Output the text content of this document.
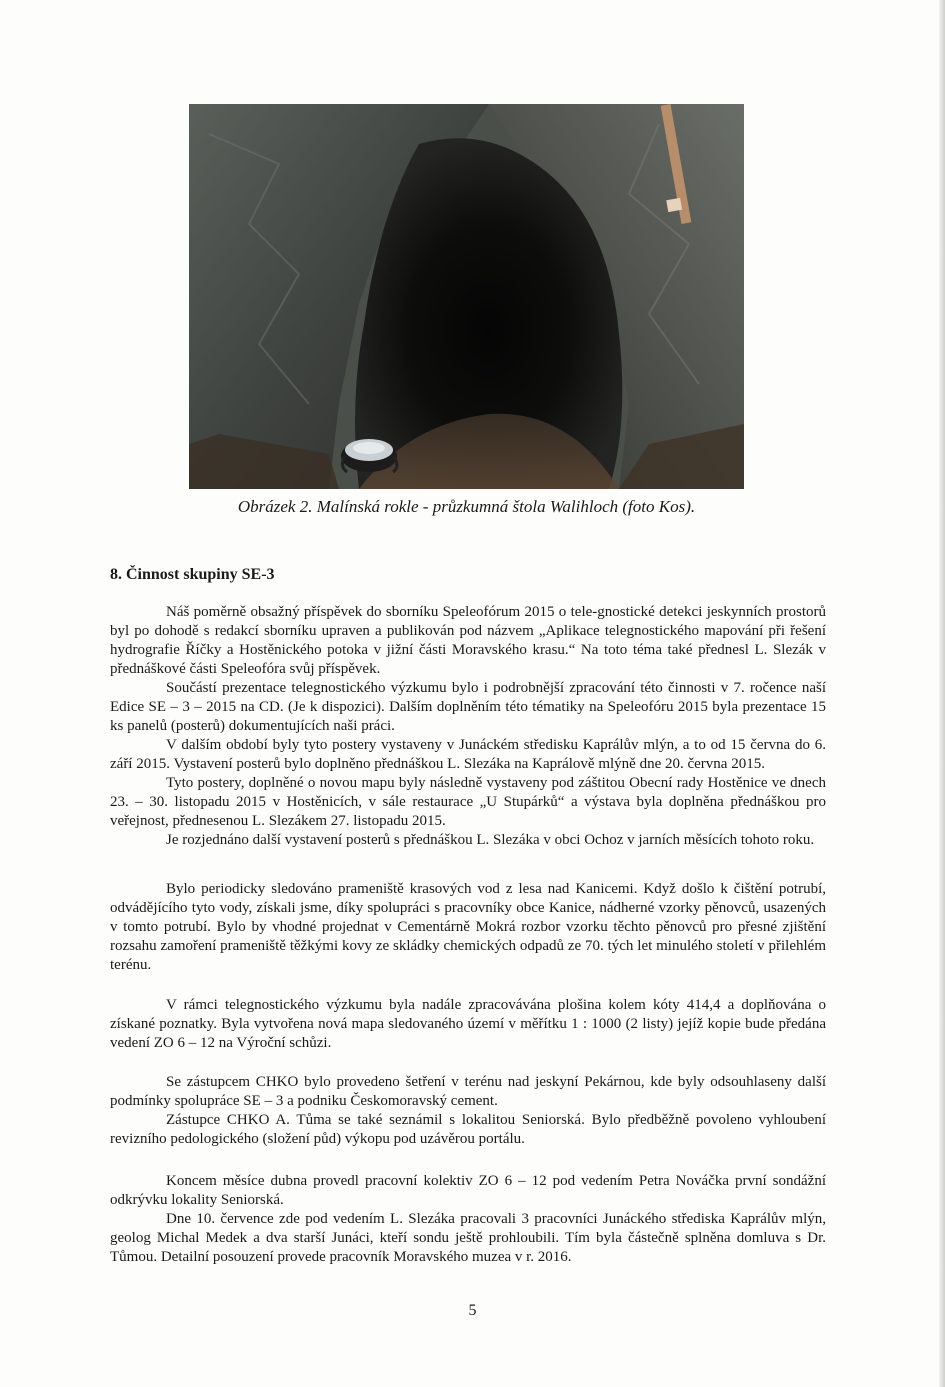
Obrázek 2. Malínská rokle - průzkumná štola Walihloch (foto Kos).
8. Činnost skupiny SE-3

Náš poměrně obsažný příspěvek do sborníku Speleofórum 2015 o tele-gnostické detekci jeskynních prostorů byl po dohodě s redakcí sborníku upraven a publikován pod názvem „Aplikace telegnostického mapování při řešení hydrografie Říčky a Hostěnického potoka v jižní části Moravského krasu.“ Na toto téma také přednesl L. Slezák v přednáškové části Speleofóra svůj příspěvek.

Součástí prezentace telegnostického výzkumu bylo i podrobnější zpracování této činnosti v 7. ročence naší Edice SE – 3 – 2015 na CD. (Je k dispozici). Dalším doplněním této tématiky na Speleofóru 2015 byla prezentace 15 ks panelů (posterů) dokumentujících naši práci.

V dalším období byly tyto postery vystaveny v Junáckém středisku Kaprálův mlýn, a to od 15 června do 6. září 2015. Vystavení posterů bylo doplněno přednáškou L. Slezáka na Kaprálově mlýně dne 20. června 2015.

Tyto postery, doplněné o novou mapu byly následně vystaveny pod záštitou Obecní rady Hostěnice ve dnech 23. – 30. listopadu 2015 v Hostěnicích, v sále restaurace „U Stupárků“ a výstava byla doplněna přednáškou pro veřejnost, přednesenou L. Slezákem 27. listopadu 2015.

Je rozjednáno další vystavení posterů s přednáškou L. Slezáka v obci Ochoz v jarních měsících tohoto roku.

Bylo periodicky sledováno prameniště krasových vod z lesa nad Kanicemi. Když došlo k čištění potrubí, odvádějícího tyto vody, získali jsme, díky spolupráci s pracovníky obce Kanice, nádherné vzorky pěnovců, usazených v tomto potrubí. Bylo by vhodné projednat v Cementárně Mokrá rozbor vzorku těchto pěnovců pro přesné zjištění rozsahu zamoření prameniště těžkými kovy ze skládky chemických odpadů ze 70. tých let minulého století v přilehlém terénu.

V rámci telegnostického výzkumu byla nadále zpracovávána plošina kolem kóty 414,4 a doplňována o získané poznatky. Byla vytvořena nová mapa sledovaného území v měřítku 1 : 1000 (2 listy) jejíž kopie bude předána vedení ZO 6 – 12 na Výroční schůzi.

Se zástupcem CHKO bylo provedeno šetření v terénu nad jeskyní Pekárnou, kde byly odsouhlaseny další podmínky spolupráce SE – 3 a podniku Českomoravský cement.

Zástupce CHKO A. Tůma se také seznámil s lokalitou Seniorská. Bylo předběžně povoleno vyhloubení revizního pedologického (složení půd) výkopu pod uzávěrou portálu.

Koncem měsíce dubna provedl pracovní kolektiv ZO 6 – 12 pod vedením Petra Nováčka první sondážní odkrývku lokality Seniorská.

Dne 10. července zde pod vedením L. Slezáka pracovali 3 pracovníci Junáckého střediska Kaprálův mlýn, geolog Michal Medek a dva starší Junáci, kteří sondu ještě prohloubili. Tím byla částečně splněna domluva s Dr. Tůmou. Detailní posouzení provede pracovník Moravského muzea v r. 2016.

5
